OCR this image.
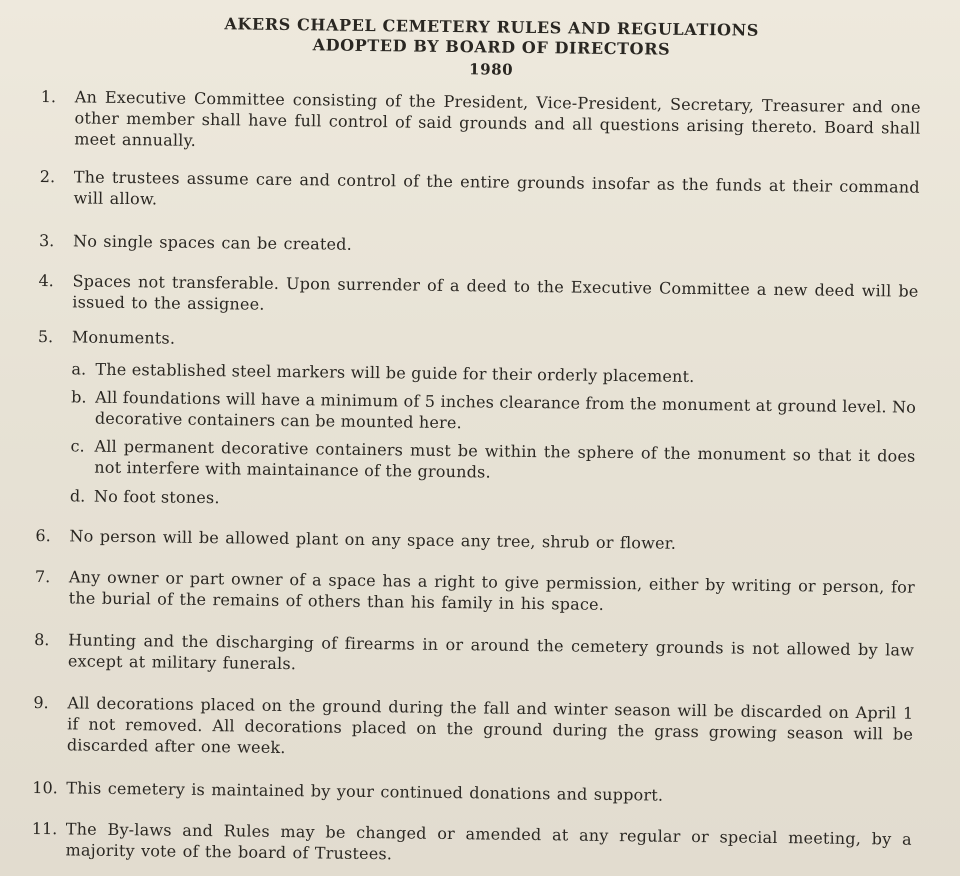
AKERS CHAPEL CEMETERY RULES AND REGULATIONS
ADOPTED BY BOARD OF DIRECTORS
1980
1.	An Executive Committee consisting of the President, Vice-President, Secretary, Treasurer and one other member shall have full control of said grounds and all questions arising thereto. Board shall meet annually.
2.	The trustees assume care and control of the entire grounds insofar as the funds at their command will allow.
3.	No single spaces can be created.
4.	Spaces not transferable. Upon surrender of a deed to the Executive Committee a new deed will be issued to the assignee.
5.	Monuments.
a. The established steel markers will be guide for their orderly placement.
b. All foundations will have a minimum of 5 inches clearance from the monument at ground level. No decorative containers can be mounted here.
c. All permanent decorative containers must be within the sphere of the monument so that it does not interfere with maintainance of the grounds.
d. No foot stones.
6.	No person will be allowed plant on any space any tree, shrub or flower.
7.	Any owner or part owner of a space has a right to give permission, either by writing or person, for the burial of the remains of others than his family in his space.
8.	Hunting and the discharging of firearms in or around the cemetery grounds is not allowed by law except at military funerals.
9.	All decorations placed on the ground during the fall and winter season will be discarded on April 1 if not removed. All decorations placed on the ground during the grass growing season will be discarded after one week.
10. This cemetery is maintained by your continued donations and support.
11. The By-laws and Rules may be changed or amended at any regular or special meeting, by a majority vote of the board of Trustees.
